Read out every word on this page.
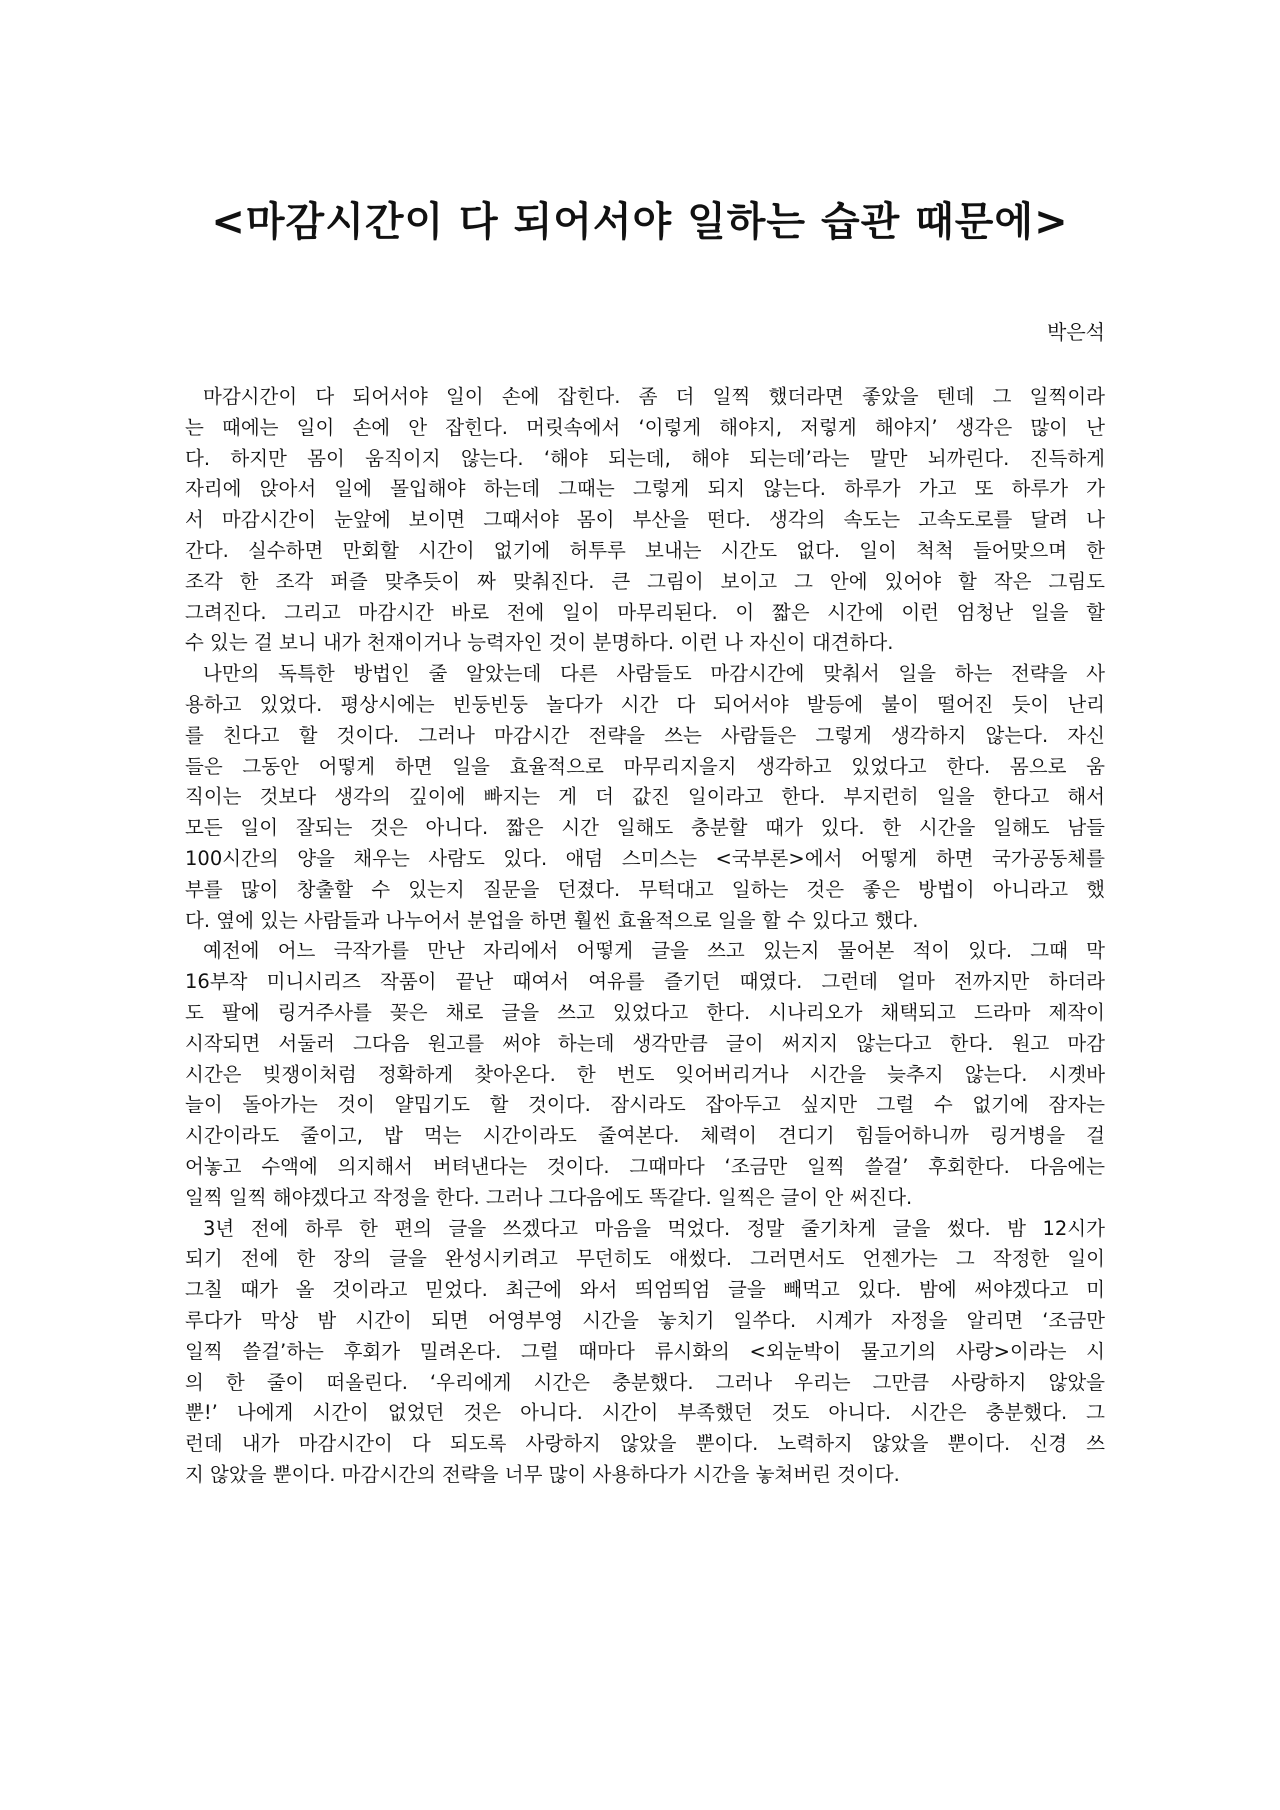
<마감시간이 다 되어서야 일하는 습관 때문에>
박은석
마감시간이 다 되어서야 일이 손에 잡힌다. 좀 더 일찍 했더라면 좋았을 텐데 그 일찍이라
는 때에는 일이 손에 안 잡힌다. 머릿속에서 ‘이렇게 해야지, 저렇게 해야지’ 생각은 많이 난
다. 하지만 몸이 움직이지 않는다. ‘해야 되는데, 해야 되는데’라는 말만 뇌까린다. 진득하게
자리에 앉아서 일에 몰입해야 하는데 그때는 그렇게 되지 않는다. 하루가 가고 또 하루가 가
서 마감시간이 눈앞에 보이면 그때서야 몸이 부산을 떤다. 생각의 속도는 고속도로를 달려 나
간다. 실수하면 만회할 시간이 없기에 허투루 보내는 시간도 없다. 일이 척척 들어맞으며 한
조각 한 조각 퍼즐 맞추듯이 짜 맞춰진다. 큰 그림이 보이고 그 안에 있어야 할 작은 그림도
그려진다. 그리고 마감시간 바로 전에 일이 마무리된다. 이 짧은 시간에 이런 엄청난 일을 할
수 있는 걸 보니 내가 천재이거나 능력자인 것이 분명하다. 이런 나 자신이 대견하다.
나만의 독특한 방법인 줄 알았는데 다른 사람들도 마감시간에 맞춰서 일을 하는 전략을 사
용하고 있었다. 평상시에는 빈둥빈둥 놀다가 시간 다 되어서야 발등에 불이 떨어진 듯이 난리
를 친다고 할 것이다. 그러나 마감시간 전략을 쓰는 사람들은 그렇게 생각하지 않는다. 자신
들은 그동안 어떻게 하면 일을 효율적으로 마무리지을지 생각하고 있었다고 한다. 몸으로 움
직이는 것보다 생각의 깊이에 빠지는 게 더 값진 일이라고 한다. 부지런히 일을 한다고 해서
모든 일이 잘되는 것은 아니다. 짧은 시간 일해도 충분할 때가 있다. 한 시간을 일해도 남들
100시간의 양을 채우는 사람도 있다. 애덤 스미스는 <국부론>에서 어떻게 하면 국가공동체를
부를 많이 창출할 수 있는지 질문을 던졌다. 무턱대고 일하는 것은 좋은 방법이 아니라고 했
다. 옆에 있는 사람들과 나누어서 분업을 하면 훨씬 효율적으로 일을 할 수 있다고 했다.
예전에 어느 극작가를 만난 자리에서 어떻게 글을 쓰고 있는지 물어본 적이 있다. 그때 막
16부작 미니시리즈 작품이 끝난 때여서 여유를 즐기던 때였다. 그런데 얼마 전까지만 하더라
도 팔에 링거주사를 꽂은 채로 글을 쓰고 있었다고 한다. 시나리오가 채택되고 드라마 제작이
시작되면 서둘러 그다음 원고를 써야 하는데 생각만큼 글이 써지지 않는다고 한다. 원고 마감
시간은 빚쟁이처럼 정확하게 찾아온다. 한 번도 잊어버리거나 시간을 늦추지 않는다. 시곗바
늘이 돌아가는 것이 얄밉기도 할 것이다. 잠시라도 잡아두고 싶지만 그럴 수 없기에 잠자는
시간이라도 줄이고, 밥 먹는 시간이라도 줄여본다. 체력이 견디기 힘들어하니까 링거병을 걸
어놓고 수액에 의지해서 버텨낸다는 것이다. 그때마다 ‘조금만 일찍 쓸걸’ 후회한다. 다음에는
일찍 일찍 해야겠다고 작정을 한다. 그러나 그다음에도 똑같다. 일찍은 글이 안 써진다.
3년 전에 하루 한 편의 글을 쓰겠다고 마음을 먹었다. 정말 줄기차게 글을 썼다. 밤 12시가
되기 전에 한 장의 글을 완성시키려고 무던히도 애썼다. 그러면서도 언젠가는 그 작정한 일이
그칠 때가 올 것이라고 믿었다. 최근에 와서 띄엄띄엄 글을 빼먹고 있다. 밤에 써야겠다고 미
루다가 막상 밤 시간이 되면 어영부영 시간을 놓치기 일쑤다. 시계가 자정을 알리면 ‘조금만
일찍 쓸걸’하는 후회가 밀려온다. 그럴 때마다 류시화의 <외눈박이 물고기의 사랑>이라는 시
의 한 줄이 떠올린다. ‘우리에게 시간은 충분했다. 그러나 우리는 그만큼 사랑하지 않았을
뿐!’ 나에게 시간이 없었던 것은 아니다. 시간이 부족했던 것도 아니다. 시간은 충분했다. 그
런데 내가 마감시간이 다 되도록 사랑하지 않았을 뿐이다. 노력하지 않았을 뿐이다. 신경 쓰
지 않았을 뿐이다. 마감시간의 전략을 너무 많이 사용하다가 시간을 놓쳐버린 것이다.
